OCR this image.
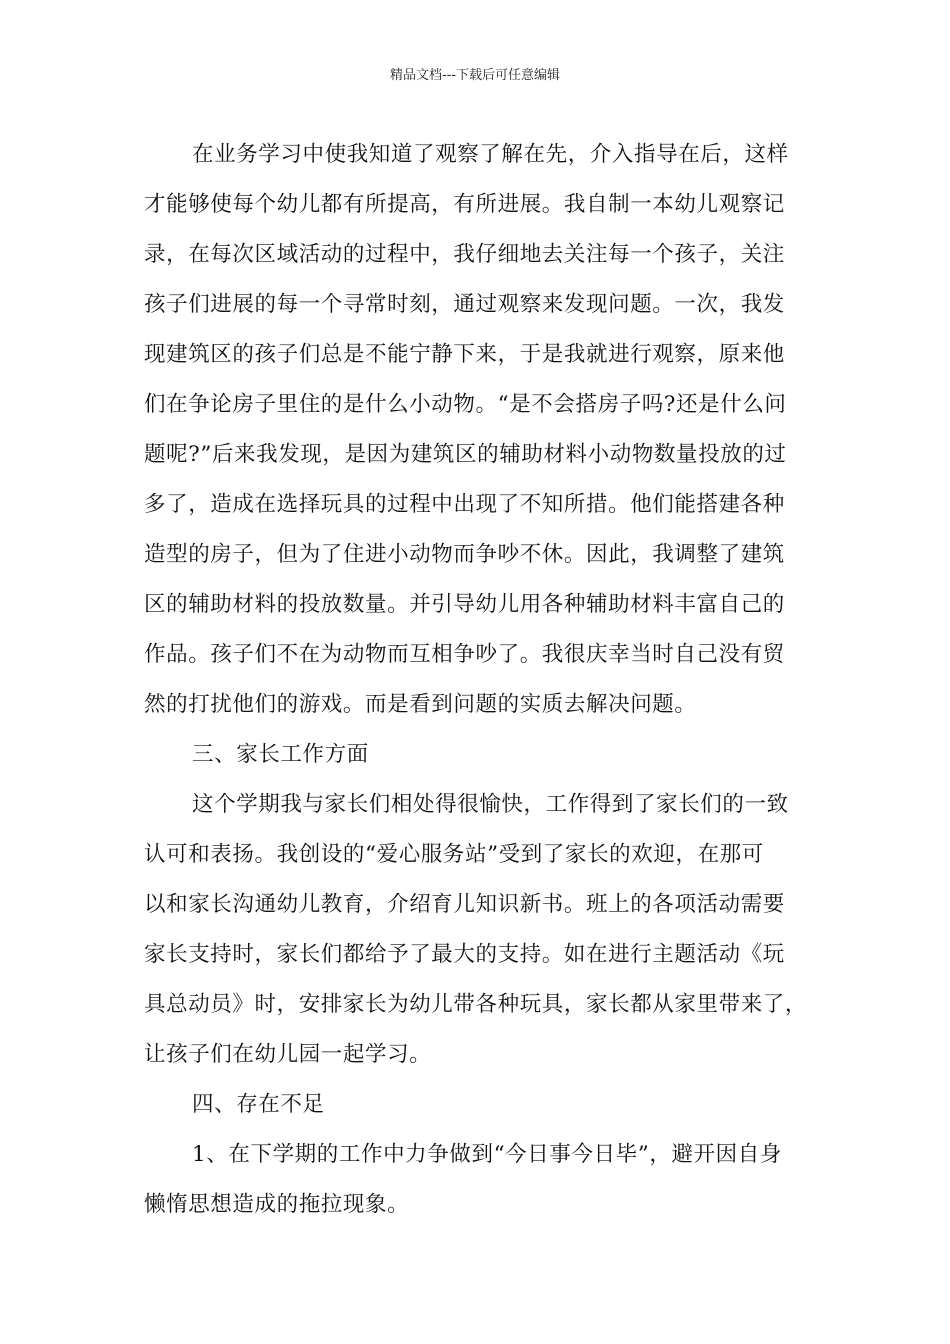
精品文档---下载后可任意编辑
在业务学习中使我知道了观察了解在先，介入指导在后，这样
才能够使每个幼儿都有所提高，有所进展。我自制一本幼儿观察记
录，在每次区域活动的过程中，我仔细地去关注每一个孩子，关注
孩子们进展的每一个寻常时刻，通过观察来发现问题。一次，我发
现建筑区的孩子们总是不能宁静下来，于是我就进行观察，原来他
们在争论房子里住的是什么小动物。“是不会搭房子吗?还是什么问
题呢?”后来我发现，是因为建筑区的辅助材料小动物数量投放的过
多了，造成在选择玩具的过程中出现了不知所措。他们能搭建各种
造型的房子，但为了住进小动物而争吵不休。因此，我调整了建筑
区的辅助材料的投放数量。并引导幼儿用各种辅助材料丰富自己的
作品。孩子们不在为动物而互相争吵了。我很庆幸当时自己没有贸
然的打扰他们的游戏。而是看到问题的实质去解决问题。
三、家长工作方面
这个学期我与家长们相处得很愉快，工作得到了家长们的一致
认可和表扬。我创设的“爱心服务站”受到了家长的欢迎，在那可
以和家长沟通幼儿教育，介绍育儿知识新书。班上的各项活动需要
家长支持时，家长们都给予了最大的支持。如在进行主题活动《玩
具总动员》时，安排家长为幼儿带各种玩具，家长都从家里带来了，
让孩子们在幼儿园一起学习。
四、存在不足
1、在下学期的工作中力争做到“今日事今日毕”，避开因自身
懒惰思想造成的拖拉现象。
